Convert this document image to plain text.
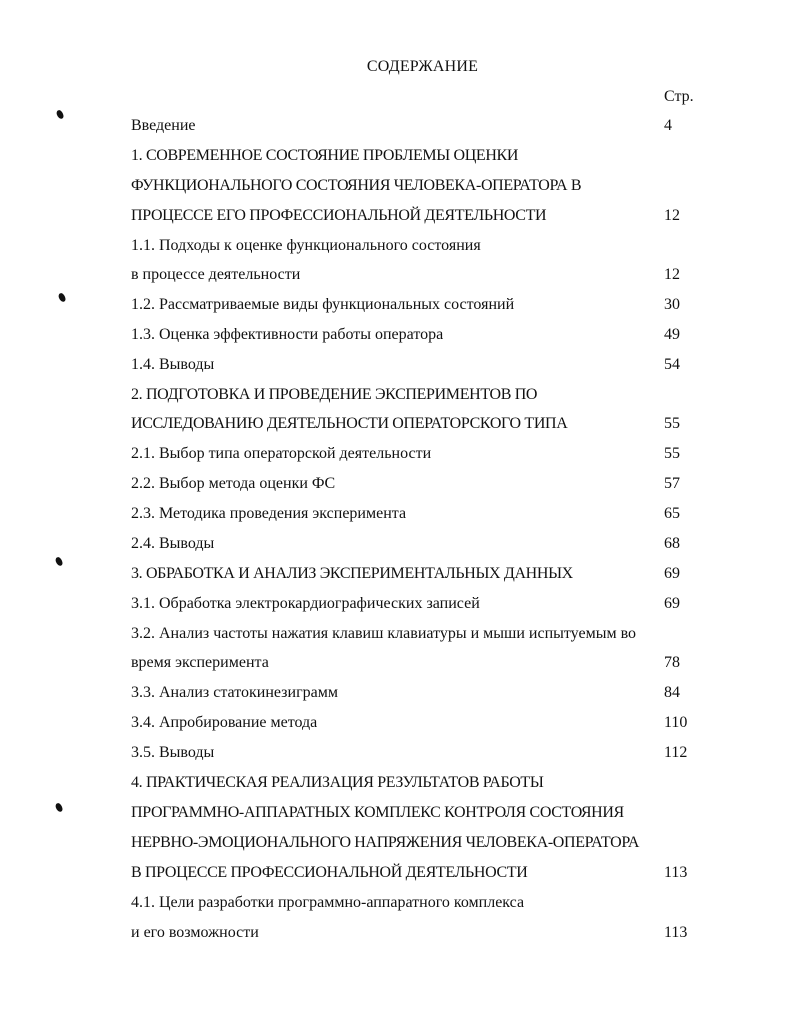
СОДЕРЖАНИЕ
Стр.
Введение	4
1. СОВРЕМЕННОЕ СОСТОЯНИЕ ПРОБЛЕМЫ ОЦЕНКИ
ФУНКЦИОНАЛЬНОГО СОСТОЯНИЯ ЧЕЛОВЕКА-ОПЕРАТОРА В
ПРОЦЕССЕ ЕГО ПРОФЕССИОНАЛЬНОЙ ДЕЯТЕЛЬНОСТИ	12
1.1. Подходы к оценке функционального состояния
в процессе деятельности	12
1.2. Рассматриваемые виды функциональных состояний	30
1.3. Оценка эффективности работы оператора	49
1.4. Выводы	54
2. ПОДГОТОВКА И ПРОВЕДЕНИЕ ЭКСПЕРИМЕНТОВ ПО
ИССЛЕДОВАНИЮ ДЕЯТЕЛЬНОСТИ ОПЕРАТОРСКОГО ТИПА	55
2.1. Выбор типа операторской деятельности	55
2.2. Выбор метода оценки ФС	57
2.3. Методика проведения эксперимента	65
2.4. Выводы	68
3. ОБРАБОТКА И АНАЛИЗ ЭКСПЕРИМЕНТАЛЬНЫХ ДАННЫХ	69
3.1. Обработка электрокардиографических записей	69
3.2. Анализ частоты нажатия клавиш клавиатуры и мыши испытуемым во
время эксперимента	78
3.3. Анализ статокинезиграмм	84
3.4. Апробирование метода	110
3.5. Выводы	112
4. ПРАКТИЧЕСКАЯ РЕАЛИЗАЦИЯ РЕЗУЛЬТАТОВ РАБОТЫ
ПРОГРАММНО-АППАРАТНЫХ КОМПЛЕКС КОНТРОЛЯ СОСТОЯНИЯ
НЕРВНО-ЭМОЦИОНАЛЬНОГО НАПРЯЖЕНИЯ ЧЕЛОВЕКА-ОПЕРАТОРА
В ПРОЦЕССЕ ПРОФЕССИОНАЛЬНОЙ ДЕЯТЕЛЬНОСТИ	113
4.1. Цели разработки программно-аппаратного комплекса
и его возможности	113
